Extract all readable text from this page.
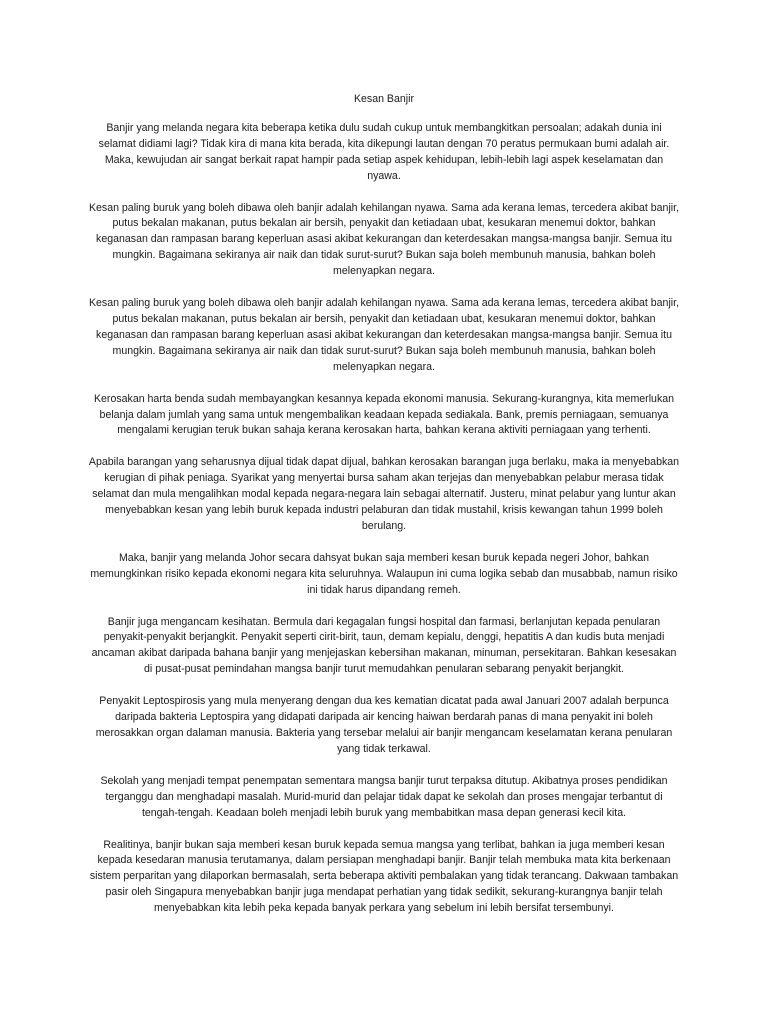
Kesan Banjir

Banjir yang melanda negara kita beberapa ketika dulu sudah cukup untuk membangkitkan persoalan; adakah dunia ini selamat didiami lagi? Tidak kira di mana kita berada, kita dikepungi lautan dengan 70 peratus permukaan bumi adalah air. Maka, kewujudan air sangat berkait rapat hampir pada setiap aspek kehidupan, lebih-lebih lagi aspek keselamatan dan nyawa.

Kesan paling buruk yang boleh dibawa oleh banjir adalah kehilangan nyawa. Sama ada kerana lemas, tercedera akibat banjir, putus bekalan makanan, putus bekalan air bersih, penyakit dan ketiadaan ubat, kesukaran menemui doktor, bahkan keganasan dan rampasan barang keperluan asasi akibat kekurangan dan keterdesakan mangsa-mangsa banjir. Semua itu mungkin. Bagaimana sekiranya air naik dan tidak surut-surut? Bukan saja boleh membunuh manusia, bahkan boleh melenyapkan negara.

Kesan paling buruk yang boleh dibawa oleh banjir adalah kehilangan nyawa. Sama ada kerana lemas, tercedera akibat banjir, putus bekalan makanan, putus bekalan air bersih, penyakit dan ketiadaan ubat, kesukaran menemui doktor, bahkan keganasan dan rampasan barang keperluan asasi akibat kekurangan dan keterdesakan mangsa-mangsa banjir. Semua itu mungkin. Bagaimana sekiranya air naik dan tidak surut-surut? Bukan saja boleh membunuh manusia, bahkan boleh melenyapkan negara.

Kerosakan harta benda sudah membayangkan kesannya kepada ekonomi manusia. Sekurang-kurangnya, kita memerlukan belanja dalam jumlah yang sama untuk mengembalikan keadaan kepada sediakala. Bank, premis perniagaan, semuanya mengalami kerugian teruk bukan sahaja kerana kerosakan harta, bahkan kerana aktiviti perniagaan yang terhenti.

Apabila barangan yang seharusnya dijual tidak dapat dijual, bahkan kerosakan barangan juga berlaku, maka ia menyebabkan kerugian di pihak peniaga. Syarikat yang menyertai bursa saham akan terjejas dan menyebabkan pelabur merasa tidak selamat dan mula mengalihkan modal kepada negara-negara lain sebagai alternatif. Justeru, minat pelabur yang luntur akan menyebabkan kesan yang lebih buruk kepada industri pelaburan dan tidak mustahil, krisis kewangan tahun 1999 boleh berulang.

Maka, banjir yang melanda Johor secara dahsyat bukan saja memberi kesan buruk kepada negeri Johor, bahkan memungkinkan risiko kepada ekonomi negara kita seluruhnya. Walaupun ini cuma logika sebab dan musabbab, namun risiko ini tidak harus dipandang remeh.

Banjir juga mengancam kesihatan. Bermula dari kegagalan fungsi hospital dan farmasi, berlanjutan kepada penularan penyakit-penyakit berjangkit. Penyakit seperti cirit-birit, taun, demam kepialu, denggi, hepatitis A dan kudis buta menjadi ancaman akibat daripada bahana banjir yang menjejaskan kebersihan makanan, minuman, persekitaran. Bahkan kesesakan di pusat-pusat pemindahan mangsa banjir turut memudahkan penularan sebarang penyakit berjangkit.

Penyakit Leptospirosis yang mula menyerang dengan dua kes kematian dicatat pada awal Januari 2007 adalah berpunca daripada bakteria Leptospira yang didapati daripada air kencing haiwan berdarah panas di mana penyakit ini boleh merosakkan organ dalaman manusia. Bakteria yang tersebar melalui air banjir mengancam keselamatan kerana penularan yang tidak terkawal.

Sekolah yang menjadi tempat penempatan sementara mangsa banjir turut terpaksa ditutup. Akibatnya proses pendidikan terganggu dan menghadapi masalah. Murid-murid dan pelajar tidak dapat ke sekolah dan proses mengajar terbantut di tengah-tengah. Keadaan boleh menjadi lebih buruk yang membabitkan masa depan generasi kecil kita.

Realitinya, banjir bukan saja memberi kesan buruk kepada semua mangsa yang terlibat, bahkan ia juga memberi kesan kepada kesedaran manusia terutamanya, dalam persiapan menghadapi banjir. Banjir telah membuka mata kita berkenaan sistem perparitan yang dilaporkan bermasalah, serta beberapa aktiviti pembalakan yang tidak terancang. Dakwaan tambakan pasir oleh Singapura menyebabkan banjir juga mendapat perhatian yang tidak sedikit, sekurang-kurangnya banjir telah menyebabkan kita lebih peka kepada banyak perkara yang sebelum ini lebih bersifat tersembunyi.
